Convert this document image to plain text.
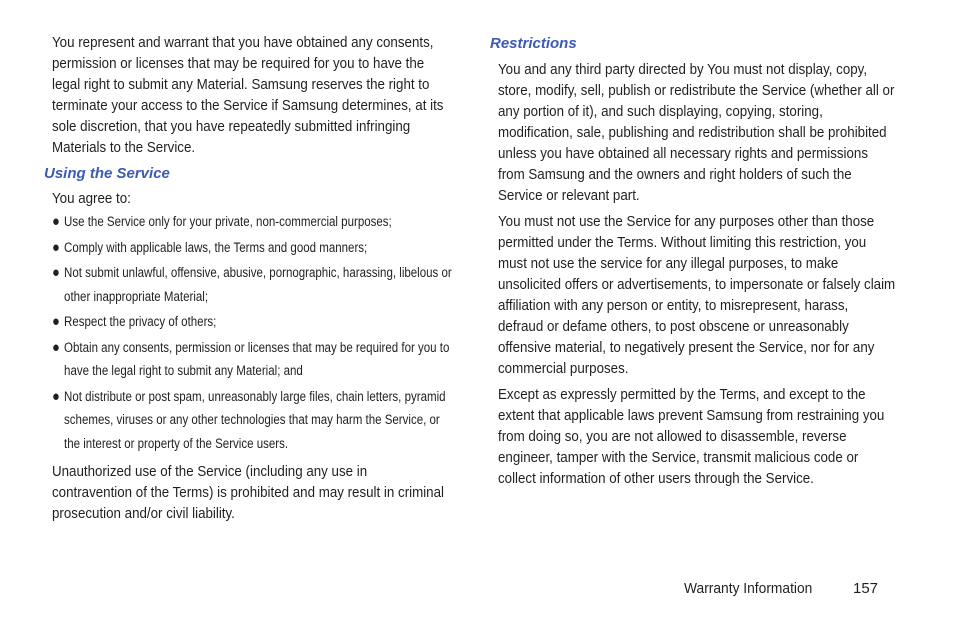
You represent and warrant that you have obtained any consents, permission or licenses that may be required for you to have the legal right to submit any Material. Samsung reserves the right to terminate your access to the Service if Samsung determines, at its sole discretion, that you have repeatedly submitted infringing Materials to the Service.

Using the Service

You agree to:

● Use the Service only for your private, non-commercial purposes;
● Comply with applicable laws, the Terms and good manners;
● Not submit unlawful, offensive, abusive, pornographic, harassing, libelous or other inappropriate Material;
● Respect the privacy of others;
● Obtain any consents, permission or licenses that may be required for you to have the legal right to submit any Material; and
● Not distribute or post spam, unreasonably large files, chain letters, pyramid schemes, viruses or any other technologies that may harm the Service, or the interest or property of the Service users.

Unauthorized use of the Service (including any use in contravention of the Terms) is prohibited and may result in criminal prosecution and/or civil liability.

Restrictions

You and any third party directed by You must not display, copy, store, modify, sell, publish or redistribute the Service (whether all or any portion of it), and such displaying, copying, storing, modification, sale, publishing and redistribution shall be prohibited unless you have obtained all necessary rights and permissions from Samsung and the owners and right holders of such the Service or relevant part.

You must not use the Service for any purposes other than those permitted under the Terms. Without limiting this restriction, you must not use the service for any illegal purposes, to make unsolicited offers or advertisements, to impersonate or falsely claim affiliation with any person or entity, to misrepresent, harass, defraud or defame others, to post obscene or unreasonably offensive material, to negatively present the Service, nor for any commercial purposes.

Except as expressly permitted by the Terms, and except to the extent that applicable laws prevent Samsung from restraining you from doing so, you are not allowed to disassemble, reverse engineer, tamper with the Service, transmit malicious code or collect information of other users through the Service.

Warranty Information	157
